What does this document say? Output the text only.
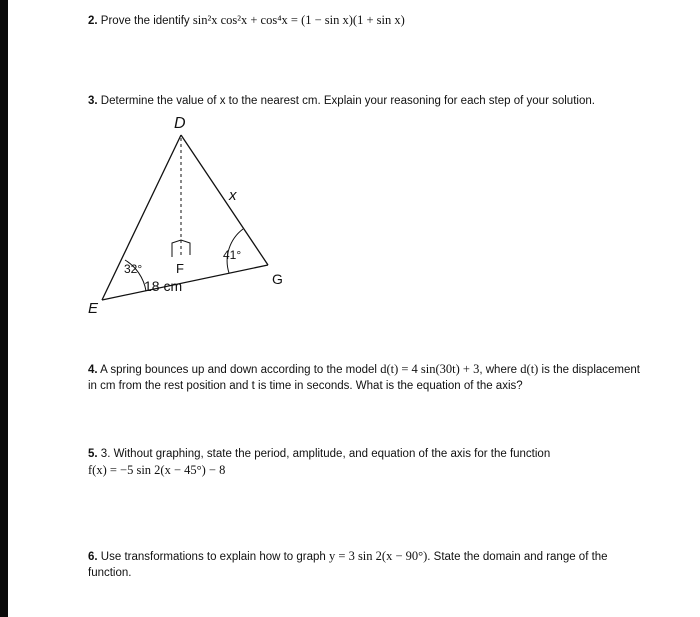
2. Prove the identify sin²x cos²x + cos⁴x = (1 − sin x)(1 + sin x)
3. Determine the value of x to the nearest cm. Explain your reasoning for each step of your solution.
D
E
F
G
x
32°
41°
18 cm
4. A spring bounces up and down according to the model d(t) = 4 sin(30t) + 3, where d(t) is the displacement in cm from the rest position and t is time in seconds. What is the equation of the axis?
5. 3. Without graphing, state the period, amplitude, and equation of the axis for the function
f(x) = −5 sin 2(x − 45°) − 8
6. Use transformations to explain how to graph y = 3 sin 2(x − 90°). State the domain and range of the function.
